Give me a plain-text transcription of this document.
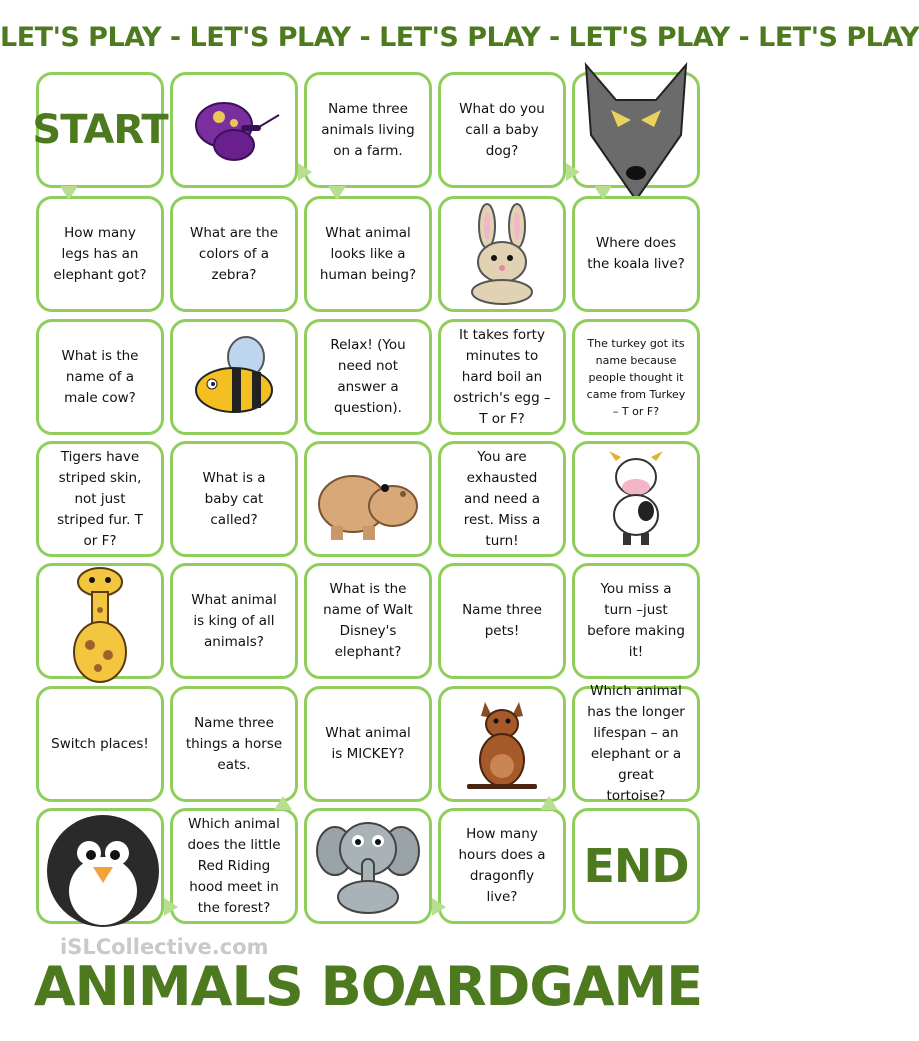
LET'S PLAY - LET'S PLAY - LET'S PLAY - LET'S PLAY - LET'S PLAY
START	Name three animals living on a farm.
What do you call a baby dog?
How many legs has an elephant got?
What are the colors of a zebra?
What animal looks like a human being?
Where does the koala live?
What is the name of a male cow?
Relax! (You need not answer a question).
It takes forty minutes to hard boil an ostrich's egg – T or F?
The turkey got its name because people thought it came from Turkey – T or F?
Tigers have striped skin, not just striped fur. T or F?
What is a baby cat called?
You are exhausted and need a rest. Miss a turn!
What animal is king of all animals?
What is the name of Walt Disney's elephant?
Name three pets!
You miss a turn –just before making it!
Switch places!
Name three things a horse eats.
What animal is MICKEY?
Which animal has the longer lifespan – an elephant or a great tortoise?
Which animal does the little Red Riding hood meet in the forest?
How many hours does a dragonfly live?
END
iSLCollective.com
ANIMALS BOARDGAME
